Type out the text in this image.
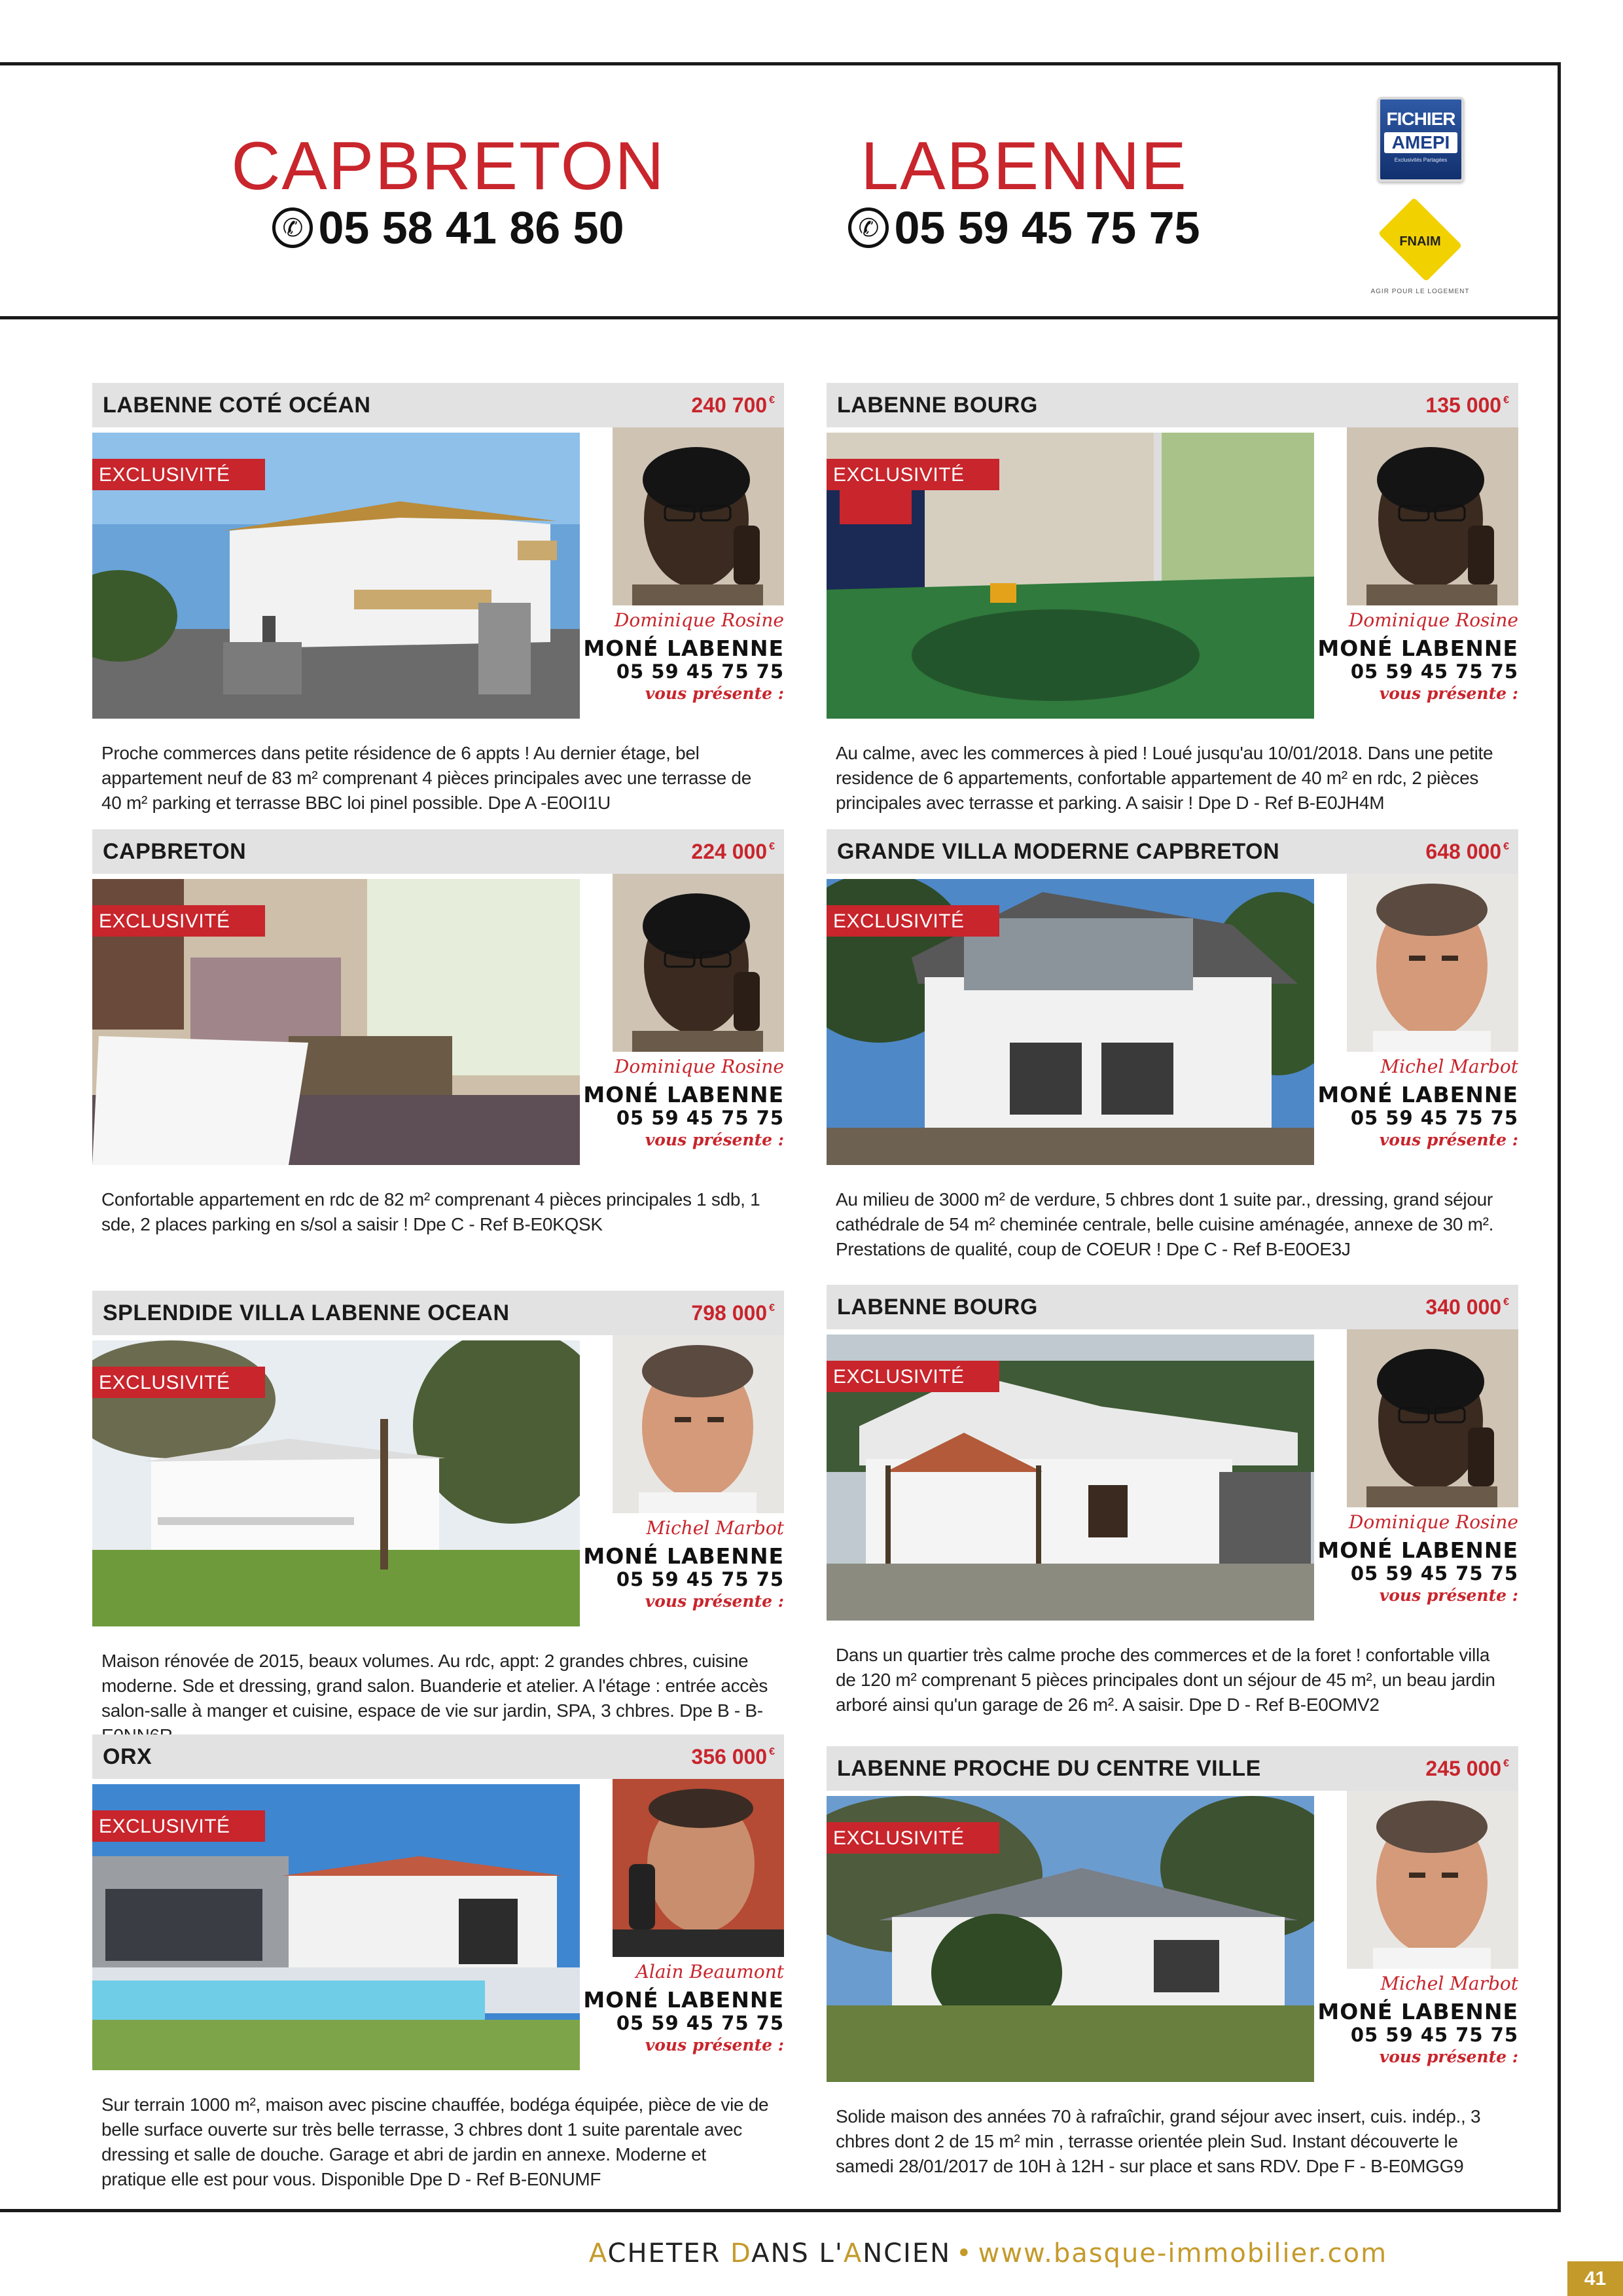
CAPBRETON
✆ 05 58 41 86 50
LABENNE
✆ 05 59 45 75 75
FICHIER
AMEPI
Exclusivités Partagées
FNAIM
AGIR POUR LE LOGEMENT
LABENNE COTÉ OCÉAN	240 700 €
EXCLUSIVITÉ
Dominique Rosine
MONÉ LABENNE
05 59 45 75 75
vous présente :
Proche commerces dans petite résidence de 6 appts ! Au dernier étage, bel appartement neuf de 83 m² comprenant 4 pièces principales avec une terrasse de 40 m² parking et terrasse BBC loi pinel possible. Dpe A -E0OI1U
LABENNE BOURG	135 000 €
EXCLUSIVITÉ
Dominique Rosine
MONÉ LABENNE
05 59 45 75 75
vous présente :
Au calme, avec les commerces à pied ! Loué jusqu'au 10/01/2018. Dans une petite residence de 6 appartements, confortable appartement de 40 m² en rdc, 2 pièces principales avec terrasse et parking. A saisir ! Dpe D - Ref B-E0JH4M
CAPBRETON	224 000 €
EXCLUSIVITÉ
Dominique Rosine
MONÉ LABENNE
05 59 45 75 75
vous présente :
Confortable appartement en rdc de 82 m² comprenant 4 pièces principales 1 sdb, 1 sde, 2 places parking en s/sol a saisir ! Dpe C - Ref B-E0KQSK
GRANDE VILLA MODERNE CAPBRETON	648 000 €
EXCLUSIVITÉ
Michel Marbot
MONÉ LABENNE
05 59 45 75 75
vous présente :
Au milieu de 3000 m² de verdure, 5 chbres dont 1 suite par., dressing, grand séjour cathédrale de 54 m² cheminée centrale, belle cuisine aménagée, annexe de 30 m². Prestations de qualité, coup de COEUR ! Dpe C - Ref B-E0OE3J
SPLENDIDE VILLA LABENNE OCEAN	798 000 €
EXCLUSIVITÉ
Michel Marbot
MONÉ LABENNE
05 59 45 75 75
vous présente :
Maison rénovée de 2015, beaux volumes. Au rdc, appt: 2 grandes chbres, cuisine moderne. Sde et dressing, grand salon. Buanderie et atelier. A l'étage : entrée accès salon-salle à manger et cuisine, espace de vie sur jardin, SPA, 3 chbres. Dpe B - B-
LABENNE BOURG	340 000 €
EXCLUSIVITÉ
Dominique Rosine
MONÉ LABENNE
05 59 45 75 75
vous présente :
Dans un quartier très calme proche des commerces et de la foret ! confortable villa de 120 m² comprenant 5 pièces principales dont un séjour de 45 m², un beau jardin arboré ainsi qu'un garage de 26 m². A saisir. Dpe D - Ref B-E0OMV2
ORX	356 000 €
EXCLUSIVITÉ
Alain Beaumont
MONÉ LABENNE
05 59 45 75 75
vous présente :
Sur terrain 1000 m², maison avec piscine chauffée, bodéga équipée, pièce de vie de belle surface ouverte sur très belle terrasse, 3 chbres dont 1 suite parentale avec dressing et salle de douche. Garage et abri de jardin en annexe. Moderne et pratique elle est pour vous. Disponible Dpe D - Ref B-E0NUMF
LABENNE PROCHE DU CENTRE VILLE	245 000 €
EXCLUSIVITÉ
Michel Marbot
MONÉ LABENNE
05 59 45 75 75
vous présente :
Solide maison des années 70 à rafraîchir, grand séjour avec insert, cuis. indép., 3 chbres dont 2 de 15 m² min , terrasse orientée plein Sud. Instant découverte le samedi 28/01/2017 de 10H à 12H - sur place et sans RDV. Dpe F - B-E0MGG9
ACHETER DANS L'ANCIEN • www.basque-immobilier.com
41
